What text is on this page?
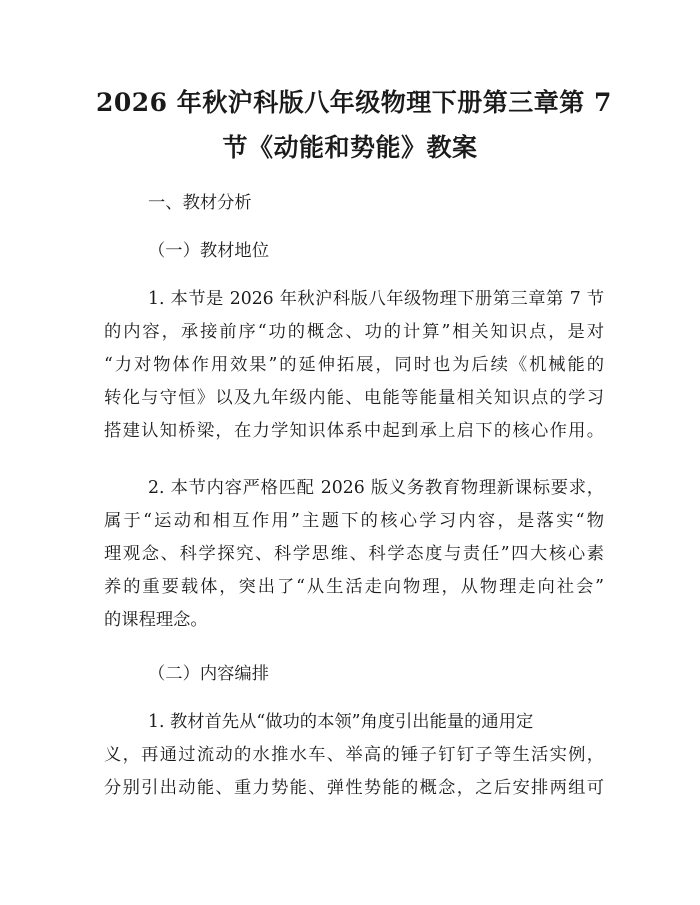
2026 年秋沪科版八年级物理下册第三章第 7
节《动能和势能》教案
一、教材分析
（一）教材地位
1. 本节是 2026 年秋沪科版八年级物理下册第三章第 7 节
的内容，承接前序“功的概念、功的计算”相关知识点，是对
“力对物体作用效果”的延伸拓展，同时也为后续《机械能的
转化与守恒》以及九年级内能、电能等能量相关知识点的学习
搭建认知桥梁，在力学知识体系中起到承上启下的核心作用。
2. 本节内容严格匹配 2026 版义务教育物理新课标要求，
属于“运动和相互作用”主题下的核心学习内容，是落实“物
理观念、科学探究、科学思维、科学态度与责任”四大核心素
养的重要载体，突出了“从生活走向物理，从物理走向社会”
的课程理念。
（二）内容编排
1. 教材首先从“做功的本领”角度引出能量的通用定
义，再通过流动的水推水车、举高的锤子钉钉子等生活实例，
分别引出动能、重力势能、弹性势能的概念，之后安排两组可
